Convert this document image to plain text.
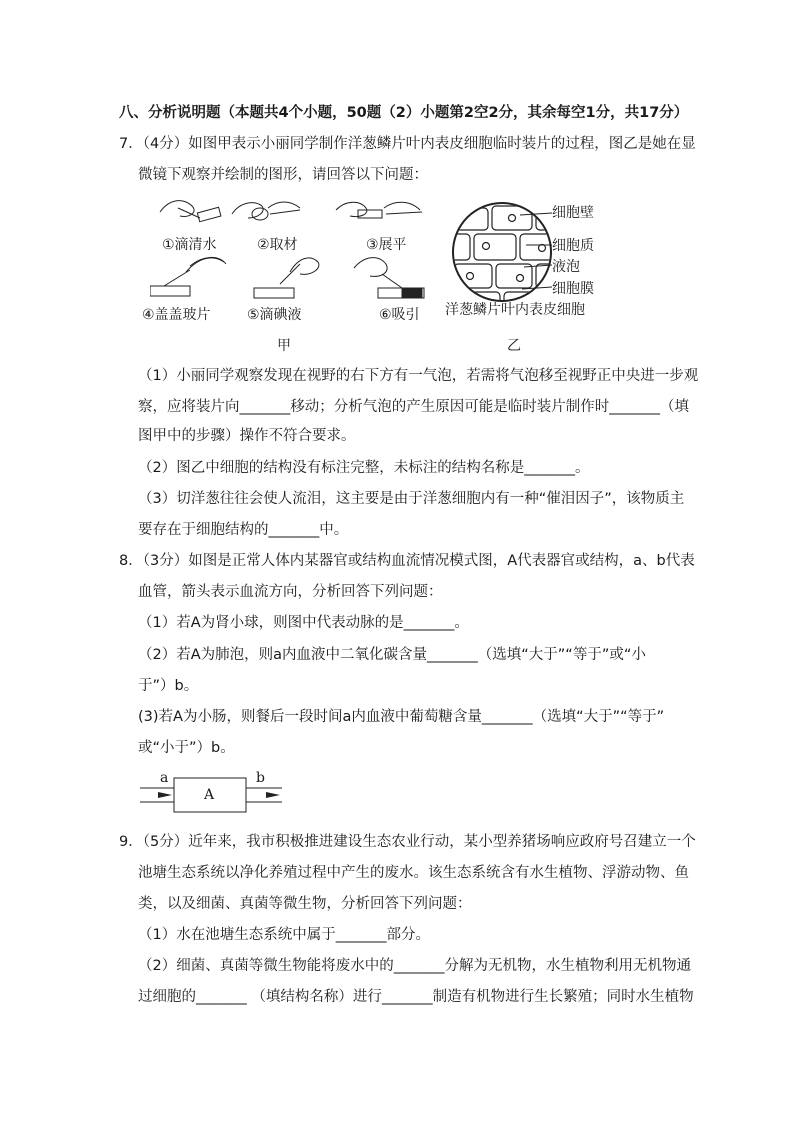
八、分析说明题（本题共4个小题，50题（2）小题第2空2分，其余每空1分，共17分）
7．（4分）如图甲表示小丽同学制作洋葱鳞片叶内表皮细胞临时装片的过程，图乙是她在显
微镜下观察并绘制的图形，请回答以下问题：
①滴清水	②取材	③展平
④盖盖玻片	⑤滴碘液	⑥吸引
甲
细胞壁
细胞质
液泡
细胞膜
洋葱鳞片叶内表皮细胞
乙
（1）小丽同学观察发现在视野的右下方有一气泡，若需将气泡移至视野正中央进一步观
察，应将装片向_______移动；分析气泡的产生原因可能是临时装片制作时_______（填
图甲中的步骤）操作不符合要求。
（2）图乙中细胞的结构没有标注完整，未标注的结构名称是_______。
（3）切洋葱往往会使人流泪，这主要是由于洋葱细胞内有一种“催泪因子”，该物质主
要存在于细胞结构的_______中。
8．（3分）如图是正常人体内某器官或结构血流情况模式图，A代表器官或结构，a、b代表
血管，箭头表示血流方向，分析回答下列问题：
（1）若A为肾小球，则图中代表动脉的是_______。
（2）若A为肺泡，则a内血液中二氧化碳含量_______（选填“大于”“等于”或“小
于”）b。
(3)若A为小肠，则餐后一段时间a内血液中葡萄糖含量_______（选填“大于”“等于”
或“小于”）b。
a	b
A
9．（5分）近年来，我市积极推进建设生态农业行动，某小型养猪场响应政府号召建立一个
池塘生态系统以净化养殖过程中产生的废水。该生态系统含有水生植物、浮游动物、鱼
类，以及细菌、真菌等微生物，分析回答下列问题：
（1）水在池塘生态系统中属于_______部分。
（2）细菌、真菌等微生物能将废水中的_______分解为无机物，水生植物利用无机物通
过细胞的_______ （填结构名称）进行_______制造有机物进行生长繁殖；同时水生植物
